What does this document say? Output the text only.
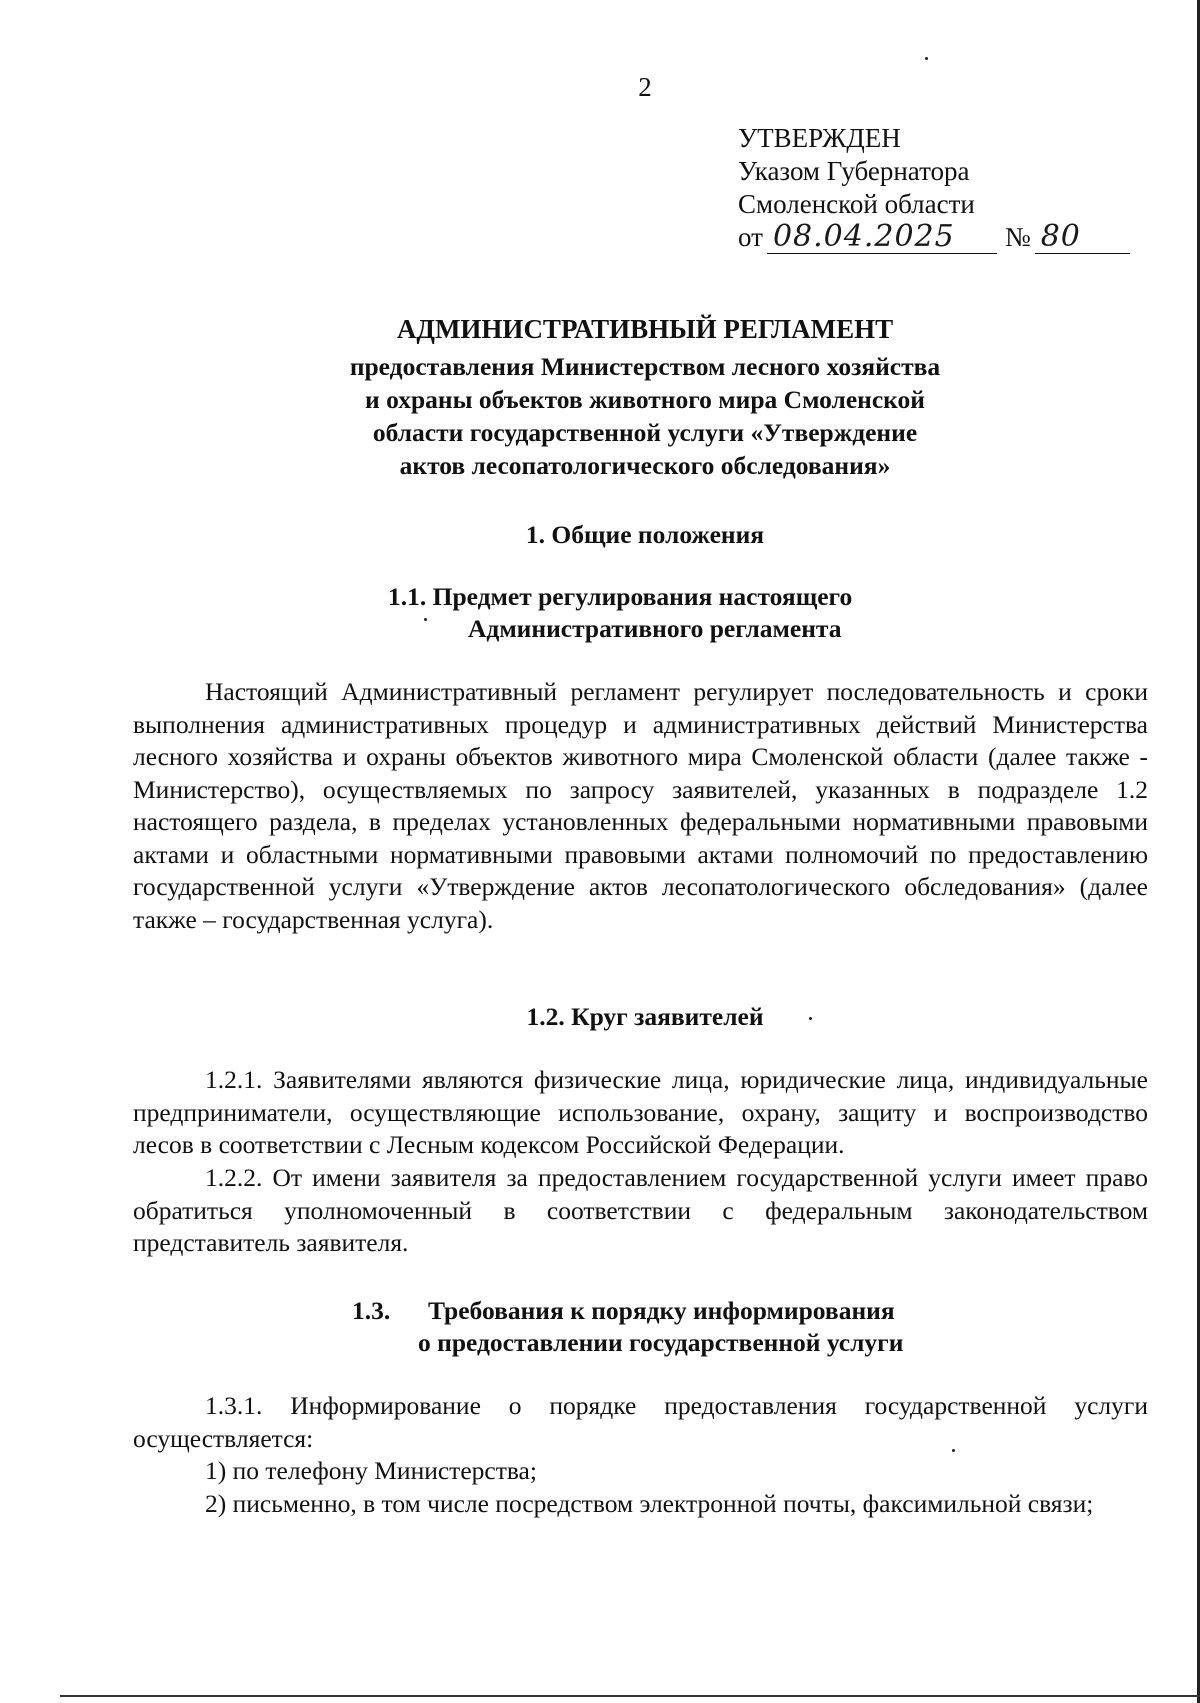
2
УТВЕРЖДЕН
Указом Губернатора
Смоленской области
от 08.04.2025 № 80
АДМИНИСТРАТИВНЫЙ РЕГЛАМЕНТ
предоставления Министерством лесного хозяйства
и охраны объектов животного мира Смоленской
области государственной услуги «Утверждение
актов лесопатологического обследования»
1. Общие положения
1.1. Предмет регулирования настоящего
Административного регламента
Настоящий Административный регламент регулирует последовательность и сроки выполнения административных процедур и административных действий Министерства лесного хозяйства и охраны объектов животного мира Смоленской области (далее также - Министерство), осуществляемых по запросу заявителей, указанных в подразделе 1.2 настоящего раздела, в пределах установленных федеральными нормативными правовыми актами и областными нормативными правовыми актами полномочий по предоставлению государственной услуги «Утверждение актов лесопатологического обследования» (далее также – государственная услуга).
1.2. Круг заявителей
1.2.1. Заявителями являются физические лица, юридические лица, индивидуальные предприниматели, осуществляющие использование, охрану, защиту и воспроизводство лесов в соответствии с Лесным кодексом Российской Федерации.
1.2.2. От имени заявителя за предоставлением государственной услуги имеет право обратиться уполномоченный в соответствии с федеральным законодательством представитель заявителя.
1.3. Требования к порядку информирования
о предоставлении государственной услуги
1.3.1. Информирование о порядке предоставления государственной услуги осуществляется:
1) по телефону Министерства;
2) письменно, в том числе посредством электронной почты, факсимильной связи;
